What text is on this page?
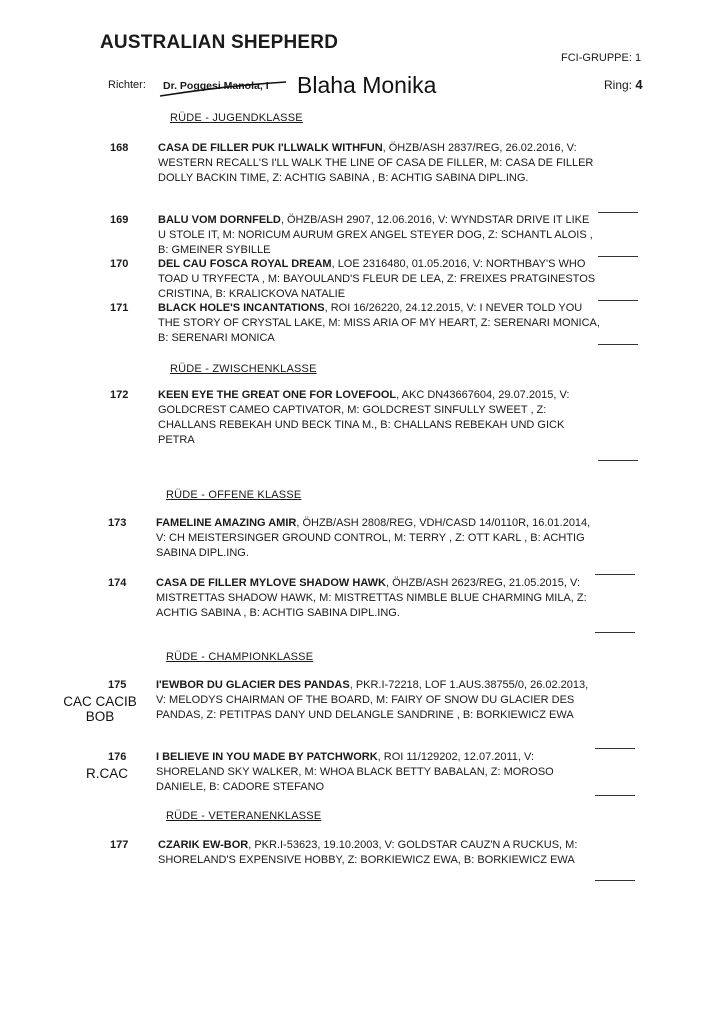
AUSTRALIAN SHEPHERD
FCI-GRUPPE: 1
Richter: Dr. Poggesi Manola, I Blaha Monika	Ring: 4
RÜDE - JUGENDKLASSE
168	CASA DE FILLER PUK I'LLWALK WITHFUN, ÖHZB/ASH 2837/REG, 26.02.2016, V: WESTERN RECALL'S I'LL WALK THE LINE OF CASA DE FILLER, M: CASA DE FILLER DOLLY BACKIN TIME, Z: ACHTIG SABINA , B: ACHTIG SABINA DIPL.ING.
169	BALU VOM DORNFELD, ÖHZB/ASH 2907, 12.06.2016, V: WYNDSTAR DRIVE IT LIKE U STOLE IT, M: NORICUM AURUM GREX ANGEL STEYER DOG, Z: SCHANTL ALOIS , B: GMEINER SYBILLE
170	DEL CAU FOSCA ROYAL DREAM, LOE 2316480, 01.05.2016, V: NORTHBAY'S WHO TOAD U TRYFECTA , M: BAYOULAND'S FLEUR DE LEA, Z: FREIXES PRATGINESTOS CRISTINA, B: KRALICKOVA NATALIE
171	BLACK HOLE'S INCANTATIONS, ROI 16/26220, 24.12.2015, V: I NEVER TOLD YOU THE STORY OF CRYSTAL LAKE, M: MISS ARIA OF MY HEART, Z: SERENARI MONICA, B: SERENARI MONICA
RÜDE - ZWISCHENKLASSE
172	KEEN EYE THE GREAT ONE FOR LOVEFOOL, AKC DN43667604, 29.07.2015, V: GOLDCREST CAMEO CAPTIVATOR, M: GOLDCREST SINFULLY SWEET , Z: CHALLANS REBEKAH UND BECK TINA M., B: CHALLANS REBEKAH UND GICK PETRA
RÜDE - OFFENE KLASSE
173	FAMELINE AMAZING AMIR, ÖHZB/ASH 2808/REG, VDH/CASD 14/0110R, 16.01.2014, V: CH MEISTERSINGER GROUND CONTROL, M: TERRY , Z: OTT KARL , B: ACHTIG SABINA DIPL.ING.
174	CASA DE FILLER MYLOVE SHADOW HAWK, ÖHZB/ASH 2623/REG, 21.05.2015, V: MISTRETTAS SHADOW HAWK, M: MISTRETTAS NIMBLE BLUE CHARMING MILA, Z: ACHTIG SABINA , B: ACHTIG SABINA DIPL.ING.
RÜDE - CHAMPIONKLASSE
175	I'EWBOR DU GLACIER DES PANDAS, PKR.I-72218, LOF 1.AUS.38755/0, 26.02.2013, V: MELODYS CHAIRMAN OF THE BOARD, M: FAIRY OF SNOW DU GLACIER DES PANDAS, Z: PETITPAS DANY UND DELANGLE SANDRINE , B: BORKIEWICZ EWA
CAC CACIB BOB
176	I BELIEVE IN YOU MADE BY PATCHWORK, ROI 11/129202, 12.07.2011, V: SHORELAND SKY WALKER, M: WHOA BLACK BETTY BABALAN, Z: MOROSO DANIELE, B: CADORE STEFANO
R.CAC
RÜDE - VETERANENKLASSE
177	CZARIK EW-BOR, PKR.I-53623, 19.10.2003, V: GOLDSTAR CAUZ'N A RUCKUS, M: SHORELAND'S EXPENSIVE HOBBY, Z: BORKIEWICZ EWA, B: BORKIEWICZ EWA
